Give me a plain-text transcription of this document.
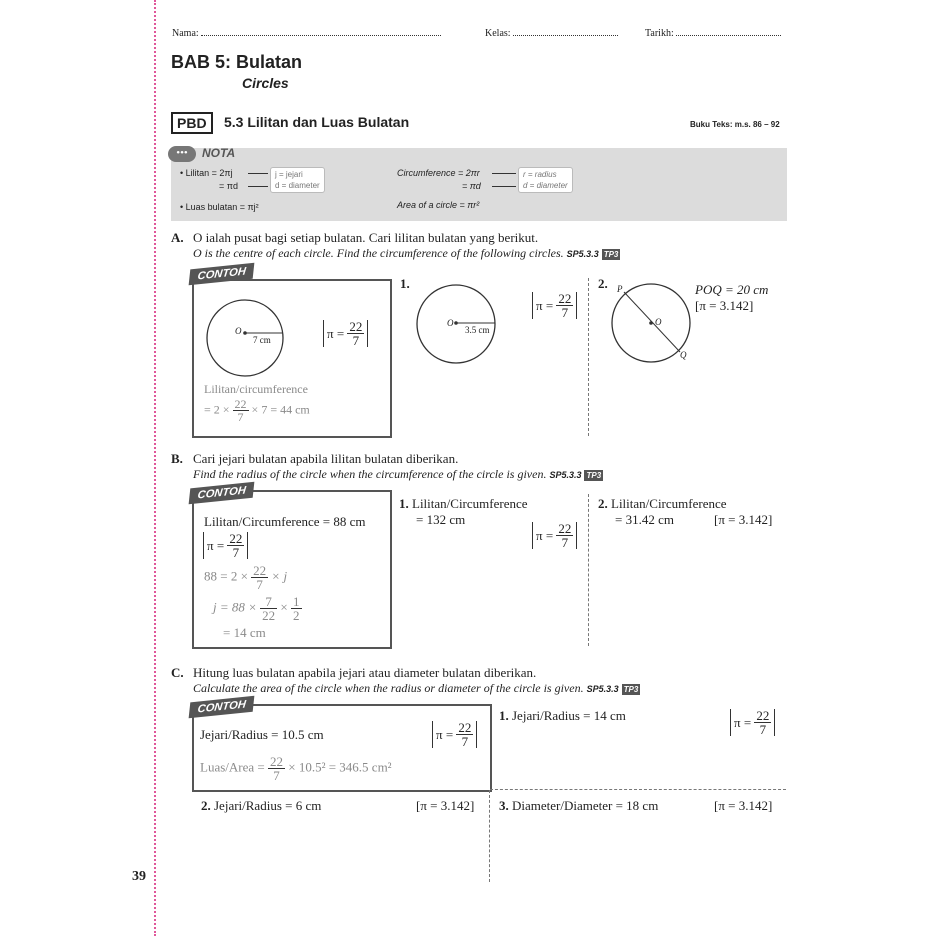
Nama:	Kelas:	Tarikh:
BAB 5: Bulatan
Circles
PBD	5.3 Lilitan dan Luas Bulatan	Buku Teks: m.s. 86 – 92
•••	NOTA
• Lilitan = 2πj
= πd
j = jejari
d = diameter
Circumference = 2πr
= πd
r = radius
d = diameter
• Luas bulatan = πj²	Area of a circle = πr²
A. O ialah pusat bagi setiap bulatan. Cari lilitan bulatan yang berikut.
O is the centre of each circle. Find the circumference of the following circles. SP5.3.3 TP3
CONTOH
O
7 cm	π =
$\frac{22}{7}$
Lilitan/circumference
= $2 \times \frac{22}{7} \times 7 = 44$ cm
1.
O
3.5 cm
π =
$\frac{22}{7}$
2. P
O
Q
POQ = 20 cm
[π = 3.142]
B. Cari jejari bulatan apabila lilitan bulatan diberikan.
Find the radius of the circle when the circumference of the circle is given. SP5.3.3 TP3
CONTOH
Lilitan/Circumference = 88 cm
π =
$\frac{22}{7}$
$88 = 2 \times \frac{22}{7} \times j$
$j = 88 \times \frac{7}{22} \times \frac{1}{2}$
= 14 cm
1. Lilitan/Circumference
= 132 cm
π =
$\frac{22}{7}$
2. Lilitan/Circumference
= 31.42 cm	[π = 3.142]
C. Hitung luas bulatan apabila jejari atau diameter bulatan diberikan.
Calculate the area of the circle when the radius or diameter of the circle is given. SP5.3.3 TP3
CONTOH
Jejari/Radius = 10.5 cm	π =
$\frac{22}{7}$
Luas/Area = $\frac{22}{7} \times 10.5^2 = 346.5$ cm²
1. Jejari/Radius = 14 cm	π =
$\frac{22}{7}$
2. Jejari/Radius = 6 cm	[π = 3.142] 3. Diameter/Diameter = 18 cm	[π = 3.142]
39
